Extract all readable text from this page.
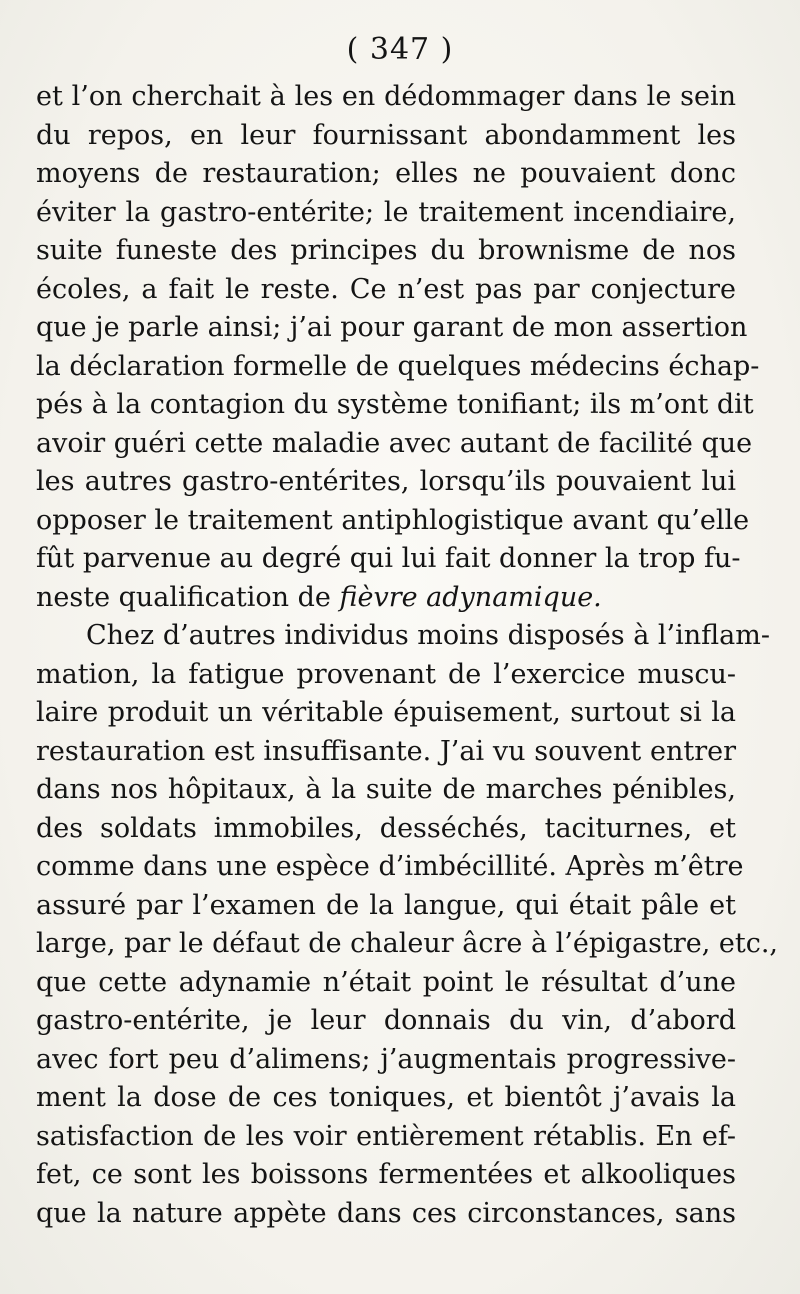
( 347 )
et l’on cherchait à les en dédommager dans le sein
du repos, en leur fournissant abondamment les
moyens de restauration; elles ne pouvaient donc
éviter la gastro-entérite; le traitement incendiaire,
suite funeste des principes du brownisme de nos
écoles, a fait le reste. Ce n’est pas par conjecture
que je parle ainsi; j’ai pour garant de mon assertion
la déclaration formelle de quelques médecins échap-
pés à la contagion du système tonifiant; ils m’ont dit
avoir guéri cette maladie avec autant de facilité que
les autres gastro-entérites, lorsqu’ils pouvaient lui
opposer le traitement antiphlogistique avant qu’elle
fût parvenue au degré qui lui fait donner la trop fu-
neste qualification de fièvre adynamique.
Chez d’autres individus moins disposés à l’inflam-
mation, la fatigue provenant de l’exercice muscu-
laire produit un véritable épuisement, surtout si la
restauration est insuffisante. J’ai vu souvent entrer
dans nos hôpitaux, à la suite de marches pénibles,
des soldats immobiles, desséchés, taciturnes, et
comme dans une espèce d’imbécillité. Après m’être
assuré par l’examen de la langue, qui était pâle et
large, par le défaut de chaleur âcre à l’épigastre, etc.,
que cette adynamie n’était point le résultat d’une
gastro-entérite, je leur donnais du vin, d’abord
avec fort peu d’alimens; j’augmentais progressive-
ment la dose de ces toniques, et bientôt j’avais la
satisfaction de les voir entièrement rétablis. En ef-
fet, ce sont les boissons fermentées et alkooliques
que la nature appète dans ces circonstances, sans
